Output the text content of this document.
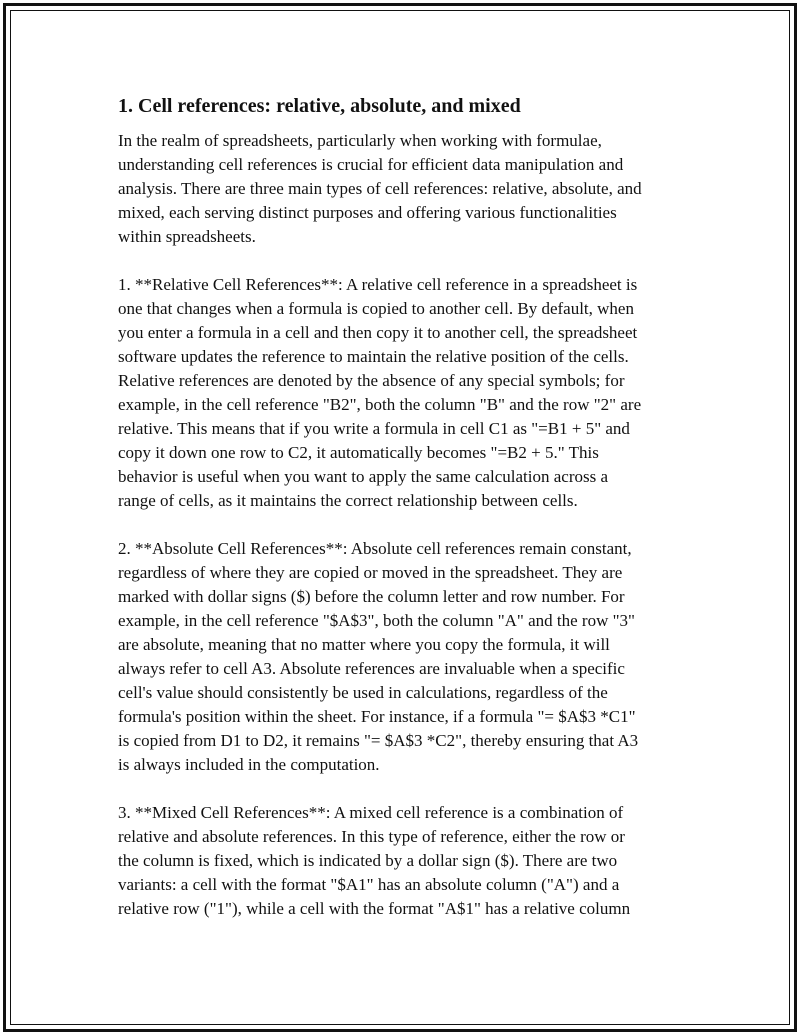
1. Cell references: relative, absolute, and mixed

In the realm of spreadsheets, particularly when working with formulae,
understanding cell references is crucial for efficient data manipulation and
analysis. There are three main types of cell references: relative, absolute, and
mixed, each serving distinct purposes and offering various functionalities
within spreadsheets.

1. **Relative Cell References**: A relative cell reference in a spreadsheet is
one that changes when a formula is copied to another cell. By default, when
you enter a formula in a cell and then copy it to another cell, the spreadsheet
software updates the reference to maintain the relative position of the cells.
Relative references are denoted by the absence of any special symbols; for
example, in the cell reference "B2", both the column "B" and the row "2" are
relative. This means that if you write a formula in cell C1 as "=B1 + 5" and
copy it down one row to C2, it automatically becomes "=B2 + 5." This
behavior is useful when you want to apply the same calculation across a
range of cells, as it maintains the correct relationship between cells.

2. **Absolute Cell References**: Absolute cell references remain constant,
regardless of where they are copied or moved in the spreadsheet. They are
marked with dollar signs ($) before the column letter and row number. For
example, in the cell reference "$A$3", both the column "A" and the row "3"
are absolute, meaning that no matter where you copy the formula, it will
always refer to cell A3. Absolute references are invaluable when a specific
cell's value should consistently be used in calculations, regardless of the
formula's position within the sheet. For instance, if a formula "= $A$3 *C1"
is copied from D1 to D2, it remains "= $A$3 *C2", thereby ensuring that A3
is always included in the computation.

3. **Mixed Cell References**: A mixed cell reference is a combination of
relative and absolute references. In this type of reference, either the row or
the column is fixed, which is indicated by a dollar sign ($). There are two
variants: a cell with the format "$A1" has an absolute column ("A") and a
relative row ("1"), while a cell with the format "A$1" has a relative column
